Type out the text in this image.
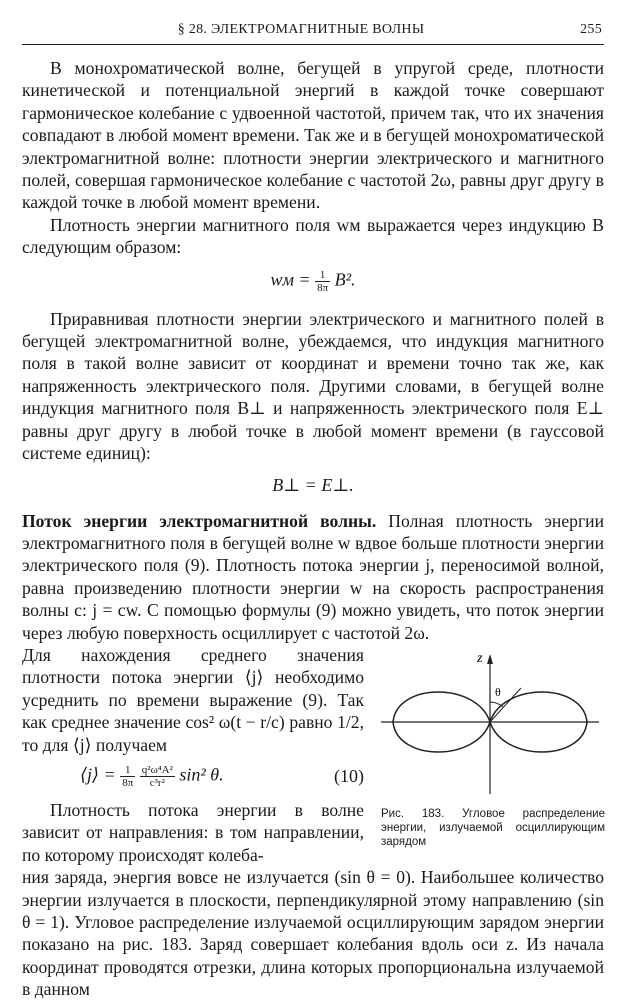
§ 28. ЭЛЕКТРОМАГНИТНЫЕ ВОЛНЫ	255

В монохроматической волне, бегущей в упругой среде, плотности кинетической и потенциальной энергий в каждой точке совершают гармоническое колебание с удвоенной частотой, причем так, что их значения совпадают в любой момент времени. Так же и в бегущей монохроматической электромагнитной волне: плотности энергии электрического и магнитного полей, совершая гармоническое колебание с частотой 2ω, равны друг другу в каждой точке в любой момент времени.

Плотность энергии магнитного поля wм выражается через индукцию B следующим образом:

wм = $\frac{1}{8\pi} B^2$.

Приравнивая плотности энергии электрического и магнитного полей в бегущей электромагнитной волне, убеждаемся, что индукция магнитного поля в такой волне зависит от координат и времени точно так же, как напряженность электрического поля. Другими словами, в бегущей волне индукция магнитного поля B⊥ и напряженность электрического поля E⊥ равны друг другу в любой точке в любой момент времени (в гауссовой системе единиц):

B⊥ = E⊥.

Поток энергии электромагнитной волны. Полная плотность энергии электромагнитного поля в бегущей волне w вдвое больше плотности энергии электрического поля (9). Плотность потока энергии j, переносимой волной, равна произведению плотности энергии w на скорость распространения волны c: j = cw. С помощью формулы (9) можно увидеть, что поток энергии через любую поверхность осциллирует с частотой 2ω.

Для нахождения среднего значения плотности потока энергии ⟨j⟩ необходимо усреднить по времени выражение (9). Так как среднее значение cos² ω(t − r/c) равно 1/2, то для ⟨j⟩ получаем

⟨j⟩ = $\frac{1}{8\pi}$
$\frac{\text{q²ω⁴A²}}{\text{c³r²}} \sin^2$ θ.	(10)

Плотность потока энергии в волне зависит от направления: в том направлении, по которому происходят колеба-

z
θ
Рис. 183. Угловое распределение энергии, излучаемой осциллирующим зарядом

ния заряда, энергия вовсе не излучается (sin θ = 0). Наибольшее количество энергии излучается в плоскости, перпендикулярной этому направлению (sin θ = 1). Угловое распределение излучаемой осциллирующим зарядом энергии показано на рис. 183. Заряд совершает колебания вдоль оси z. Из начала координат проводятся отрезки, длина которых пропорциональна излучаемой в данном
